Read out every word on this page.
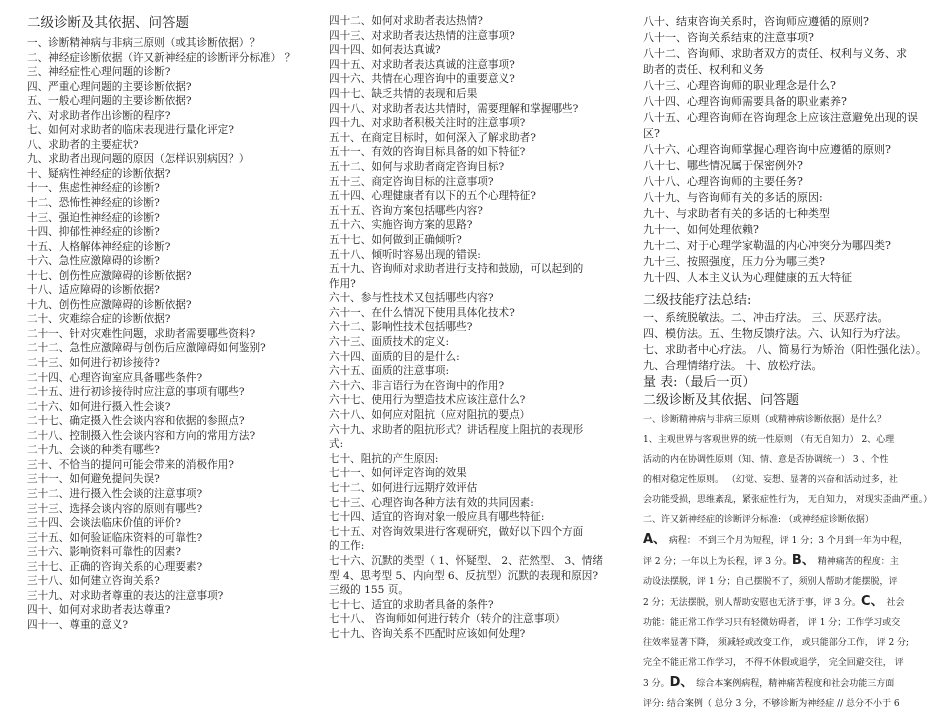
二级诊断及其依据、问答题
一、诊断精神病与非病三原则（或其诊断依据）？
二、神经症诊断依据（许又新神经症的诊断评分标准） ？
三、神经症性心理问题的诊断?
四、严重心理问题的主要诊断依据?
五、一般心理问题的主要诊断依据?
六、对求助者作出诊断的程序?
七、如何对求助者的临床表现进行量化评定?
八、求助者的主要症状?
九、求助者出现问题的原因（怎样识别病因？）
十、疑病性神经症的诊断依据?
十一、焦虑性神经症的诊断?
十二、恐怖性神经症的诊断?
十三、强迫性神经症的诊断?
十四、抑郁性神经症的诊断?
十五、人格解体神经症的诊断?
十六、急性应激障碍的诊断?
十七、创伤性应激障碍的诊断依据?
十八、适应障碍的诊断依据?
十九、创伤性应激障碍的诊断依据?
二十、灾难综合症的诊断依据?
二十一、针对灾难性问题，求助者需要哪些资料?
二十二、急性应激障碍与创伤后应激障碍如何鉴别?
二十三、如何进行初诊接待?
二十四、心理咨询室应具备哪些条件?
二十五、进行初诊接待时应注意的事项有哪些?
二十六、如何进行摄入性会谈?
二十七、确定摄入性会谈内容和依据的参照点?
二十八、控制摄入性会谈内容和方向的常用方法?
二十九、会谈的种类有哪些?
三十、不恰当的提问可能会带来的消极作用?
三十一、如何避免提问失误?
三十二、进行摄入性会谈的注意事项?
三十三、选择会谈内容的原则有哪些?
三十四、会谈法临床价值的评价?
三十五、如何验证临床资料的可靠性?
三十六、影响资料可靠性的因素?
三十七、正确的咨询关系的心理要素?
三十八、如何建立咨询关系?
三十九、对求助者尊重的表达的注意事项?
四十、如何对求助者表达尊重?
四十一、尊重的意义?
四十二、如何对求助者表达热情?
四十三、对求助者表达热情的注意事项?
四十四、如何表达真诚?
四十五、对求助者表达真诚的注意事项?
四十六、共情在心理咨询中的重要意义?
四十七、缺乏共情的表现和后果
四十八、对求助者表达共情时，需要理解和掌握哪些?
四十九、对求助者积极关注时的注意事项?
五十、在商定目标时，如何深入了解求助者?
五十一、有效的咨询目标具备的如下特征?
五十二、如何与求助者商定咨询目标?
五十三、商定咨询目标的注意事项?
五十四、心理健康者有以下的五个心理特征?
五十五、咨询方案包括哪些内容?
五十六、实施咨询方案的思路?
五十七、如何做到正确倾听?
五十八、倾听时容易出现的错误:
五十九、咨询师对求助者进行支持和鼓励，可以起到的
作用?
六十、参与性技术又包括哪些内容?
六十一、在什么情况下使用具体化技术?
六十二、影响性技术包括哪些?
六十三、面质技术的定义:
六十四、面质的目的是什么:
六十五、面质的注意事项:
六十六、非言语行为在咨询中的作用?
六十七、使用行为塑造技术应该注意什么?
六十八、如何应对阻抗（应对阻抗的要点）
六十九、求助者的阻抗形式？讲话程度上阻抗的表现形
式:
七十、阻抗的产生原因:
七十一、如何评定咨询的效果
七十二、如何进行远期疗效评估
七十三、心理咨询各种方法有效的共同因素:
七十四、适宜的咨询对象一般应具有哪些特征:
七十五、对咨询效果进行客观研究，做好以下四个方面
的工作:
七十六、沉默的类型（ 1、怀疑型、 2、茫然型、 3、情绪
型 4、思考型 5、内向型 6、反抗型）沉默的表现和原因?
三级的 155 页。
七十七、适宜的求助者具备的条件?
七十八、 咨询师如何进行转介（转介的注意事项）
七十九、咨询关系不匹配时应该如何处理?
八十、结束咨询关系时，咨询师应遵循的原则?
八十一、咨询关系结束的注意事项?
八十二、咨询师、求助者双方的责任、权利与义务、求
助者的责任、权利和义务
八十三、心理咨询师的职业理念是什么?
八十四、心理咨询师需要具备的职业素养?
八十五、心理咨询师在咨询理念上应该注意避免出现的误
区?
八十六、心理咨询师掌握心理咨询中应遵循的原则?
八十七、哪些情况属于保密例外?
八十八、心理咨询师的主要任务?
八十九、与咨询师有关的多话的原因:
九十、与求助者有关的多话的七种类型
九十一、如何处理依赖?
九十二、对于心理学家勒温的内心冲突分为哪四类?
九十三、按照强度，压力分为哪三类?
九十四、人本主义认为心理健康的五大特征
二级技能疗法总结:
一、系统脱敏法。二、冲击疗法。 三、厌恶疗法。
四、模仿法。五、生物反馈疗法。六、认知行为疗法。
七、求助者中心疗法。 八、简易行为矫治（阳性强化法）。
九、合理情绪疗法。 十、放松疗法。
量 表:（最后一页）
二级诊断及其依据、问答题
一、诊断精神病与非病三原则（或精神病诊断依据）是什么？
1、主观世界与客观世界的统一性原则 （有无自知力） 2、心理
活动的内在协调性原则（知、情、意是否协调统一） 3 、个性
的相对稳定性原则。 （幻觉、妄想、显著的兴奋和活动过多，社
会功能受损，思维紊乱，紧张症性行为， 无自知力， 对现实歪曲严重。）
二、许又新神经症的诊断评分标准: （或神经症诊断依据）
A、 病程： 不到三个月为短程，评 1 分；3 个月到一年为中程，
评 2 分；一年以上为长程，评 3 分。B、 精神痛苦的程度：主
动设法摆脱，评 1 分；自己摆脱不了，须别人帮助才能摆脱，评
2 分；无法摆脱，别人帮助安慰也无济于事，评 3 分。C、 社会
功能：能正常工作学习只有轻微妨碍者， 评 1 分；工作学习或交
往效率显著下降， 须减轻或改变工作， 或只能部分工作， 评 2 分;
完全不能正常工作学习， 不得不休假或退学， 完全回避交往， 评
3 分。D、 综合本案例病程，精神痛苦程度和社会功能三方面
评分: 结合案例（ 总分 3 分，不够诊断为神经症 // 总分不小于 6
